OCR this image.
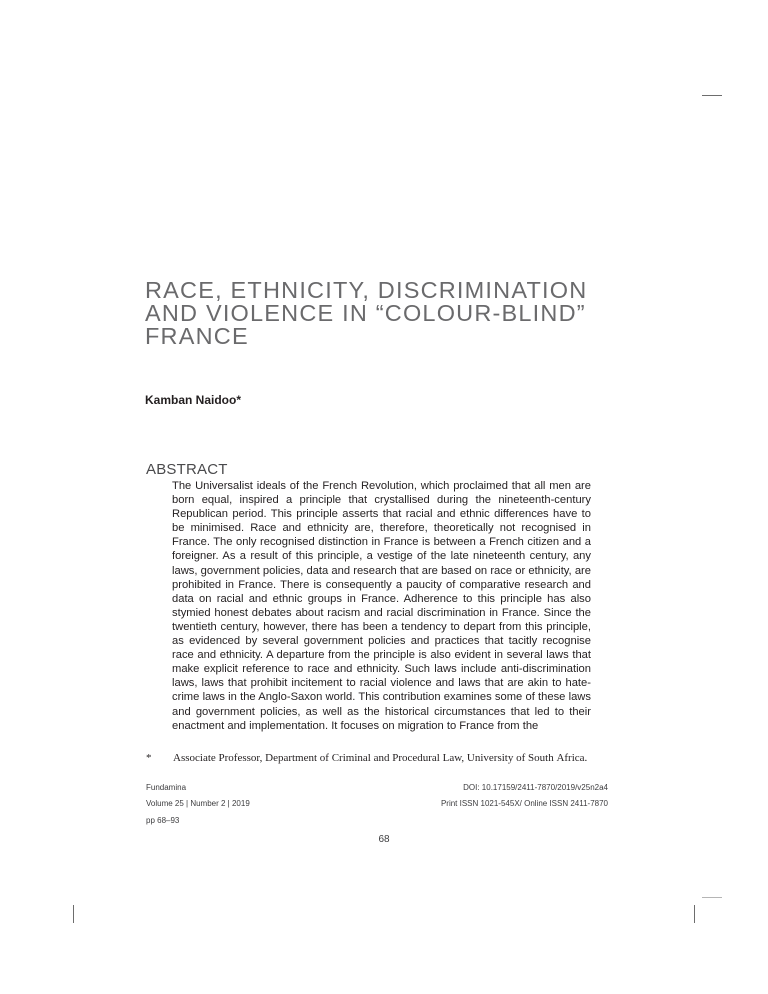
RACE, ETHNICITY, DISCRIMINATION
AND VIOLENCE IN “COLOUR-BLIND”
FRANCE
Kamban Naidoo*
ABSTRACT

The Universalist ideals of the French Revolution, which proclaimed that all men are
born equal, inspired a principle that crystallised during the nineteenth-century
Republican period. This principle asserts that racial and ethnic differences have to
be minimised. Race and ethnicity are, therefore, theoretically not recognised in
France. The only recognised distinction in France is between a French citizen and a
foreigner. As a result of this principle, a vestige of the late nineteenth century, any
laws, government policies, data and research that are based on race or ethnicity, are
prohibited in France. There is consequently a paucity of comparative research and
data on racial and ethnic groups in France. Adherence to this principle has also
stymied honest debates about racism and racial discrimination in France. Since the
twentieth century, however, there has been a tendency to depart from this principle,
as evidenced by several government policies and practices that tacitly recognise
race and ethnicity. A departure from the principle is also evident in several laws that
make explicit reference to race and ethnicity. Such laws include anti-discrimination
laws, laws that prohibit incitement to racial violence and laws that are akin to hate-
crime laws in the Anglo-Saxon world. This contribution examines some of these laws
and government policies, as well as the historical circumstances that led to their
enactment and implementation. It focuses on migration to France from the

* Associate Professor, Department of Criminal and Procedural Law, University of South Africa.
Fundamina
Volume 25 | Number 2 | 2019
pp 68–93
DOI: 10.17159/2411-7870/2019/v25n2a4
Print ISSN 1021-545X/ Online ISSN 2411-7870
68
